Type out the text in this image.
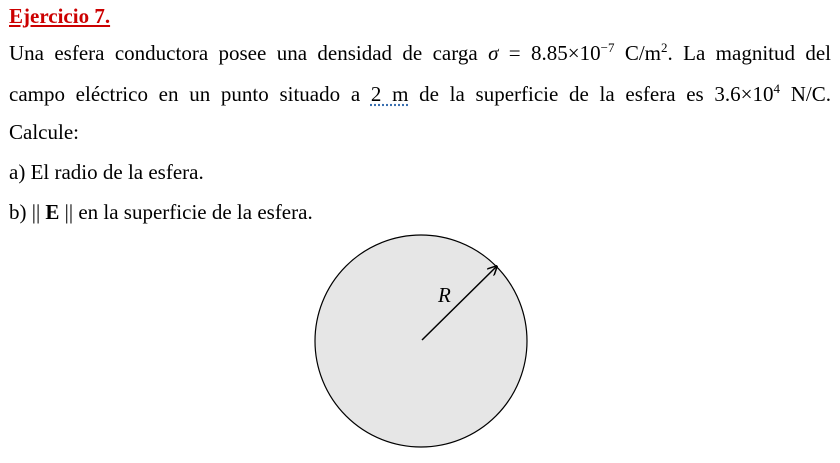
Ejercicio 7.
Una esfera conductora posee una densidad de carga $\sigma = 8.85\times 10^{-7}$ $C/m^2$. La magnitud del
campo eléctrico en un punto situado a 2 m de la superficie de la esfera es $3.6\times 10^4$ N/C.
Calcule:
a) El radio de la esfera.
b) || E || en la superficie de la esfera.
R
